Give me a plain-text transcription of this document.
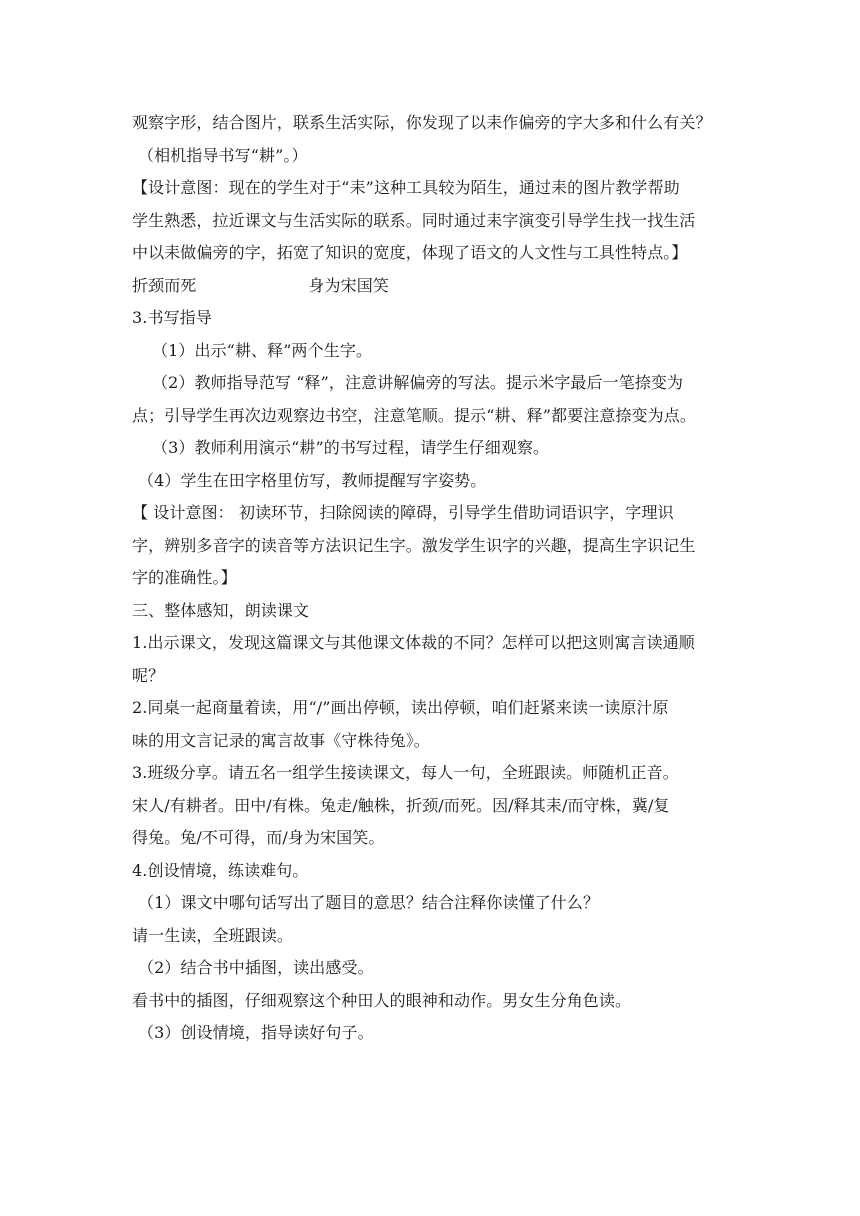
观察字形，结合图片，联系生活实际，你发现了以耒作偏旁的字大多和什么有关？
（相机指导书写“耕”。）
【设计意图：现在的学生对于“耒”这种工具较为陌生，通过耒的图片教学帮助
学生熟悉，拉近课文与生活实际的联系。同时通过耒字演变引导学生找一找生活
中以耒做偏旁的字，拓宽了知识的宽度，体现了语文的人文性与工具性特点。】
折颈而死	身为宋国笑
3.书写指导
（1）出示“耕、释”两个生字。
（2）教师指导范写 “释”，注意讲解偏旁的写法。提示米字最后一笔捺变为
点；引导学生再次边观察边书空，注意笔顺。提示“耕、释”都要注意捺变为点。
（3）教师利用演示“耕”的书写过程，请学生仔细观察。
（4）学生在田字格里仿写，教师提醒写字姿势。
【 设计意图： 初读环节，扫除阅读的障碍，引导学生借助词语识字，字理识
字，辨别多音字的读音等方法识记生字。激发学生识字的兴趣，提高生字识记生
字的准确性。】
三、整体感知，朗读课文
1.出示课文，发现这篇课文与其他课文体裁的不同？怎样可以把这则寓言读通顺
呢？
2.同桌一起商量着读，用“/”画出停顿，读出停顿，咱们赶紧来读一读原汁原
味的用文言记录的寓言故事《守株待兔》。
3.班级分享。请五名一组学生接读课文，每人一句，全班跟读。师随机正音。
宋人/有耕者。田中/有株。兔走/触株，折颈/而死。因/释其耒/而守株，冀/复
得兔。兔/不可得，而/身为宋国笑。
4.创设情境，练读难句。
（1）课文中哪句话写出了题目的意思？结合注释你读懂了什么？
请一生读，全班跟读。
（2）结合书中插图，读出感受。
看书中的插图，仔细观察这个种田人的眼神和动作。男女生分角色读。
（3）创设情境，指导读好句子。
